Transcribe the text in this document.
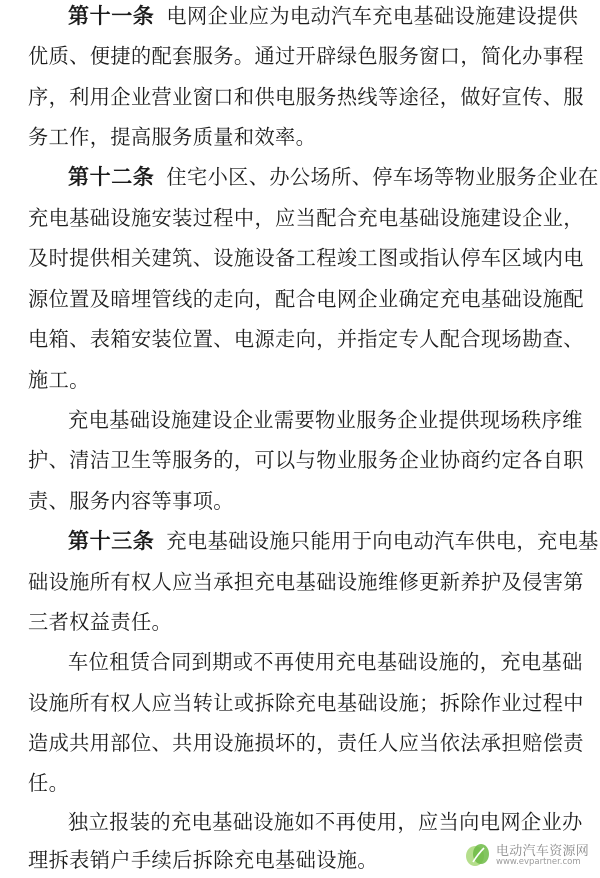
第十一条 电网企业应为电动汽车充电基础设施建设提供
优质、便捷的配套服务。通过开辟绿色服务窗口，简化办事程
序，利用企业营业窗口和供电服务热线等途径，做好宣传、服
务工作，提高服务质量和效率。
第十二条 住宅小区、办公场所、停车场等物业服务企业在
充电基础设施安装过程中，应当配合充电基础设施建设企业，
及时提供相关建筑、设施设备工程竣工图或指认停车区域内电
源位置及暗埋管线的走向，配合电网企业确定充电基础设施配
电箱、表箱安装位置、电源走向，并指定专人配合现场勘查、
施工。
充电基础设施建设企业需要物业服务企业提供现场秩序维
护、清洁卫生等服务的，可以与物业服务企业协商约定各自职
责、服务内容等事项。
第十三条 充电基础设施只能用于向电动汽车供电，充电基
础设施所有权人应当承担充电基础设施维修更新养护及侵害第
三者权益责任。
车位租赁合同到期或不再使用充电基础设施的，充电基础
设施所有权人应当转让或拆除充电基础设施；拆除作业过程中
造成共用部位、共用设施损坏的，责任人应当依法承担赔偿责
任。
独立报装的充电基础设施如不再使用，应当向电网企业办
理拆表销户手续后拆除充电基础设施。	电动汽车资源网
www.evpartner.com
